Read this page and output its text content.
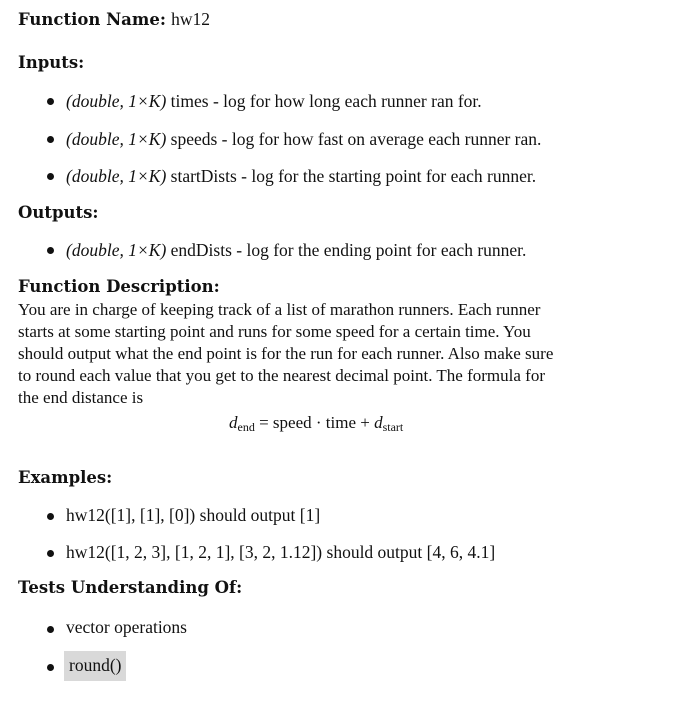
Function Name: hw12
Inputs:
(double, 1×K) times - log for how long each runner ran for.
(double, 1×K) speeds - log for how fast on average each runner ran.
(double, 1×K) startDists - log for the starting point for each runner.
Outputs:
(double, 1×K) endDists - log for the ending point for each runner.
Function Description:
You are in charge of keeping track of a list of marathon runners. Each runner
starts at some starting point and runs for some speed for a certain time. You
should output what the end point is for the run for each runner. Also make sure
to round each value that you get to the nearest decimal point. The formula for
the end distance is
$d_{end}$ = speed · time + $d_{start}$
Examples:
hw12([1], [1], [0]) should output [1]
hw12([1, 2, 3], [1, 2, 1], [3, 2, 1.12]) should output [4, 6, 4.1]
Tests Understanding Of:
vector operations
round()
